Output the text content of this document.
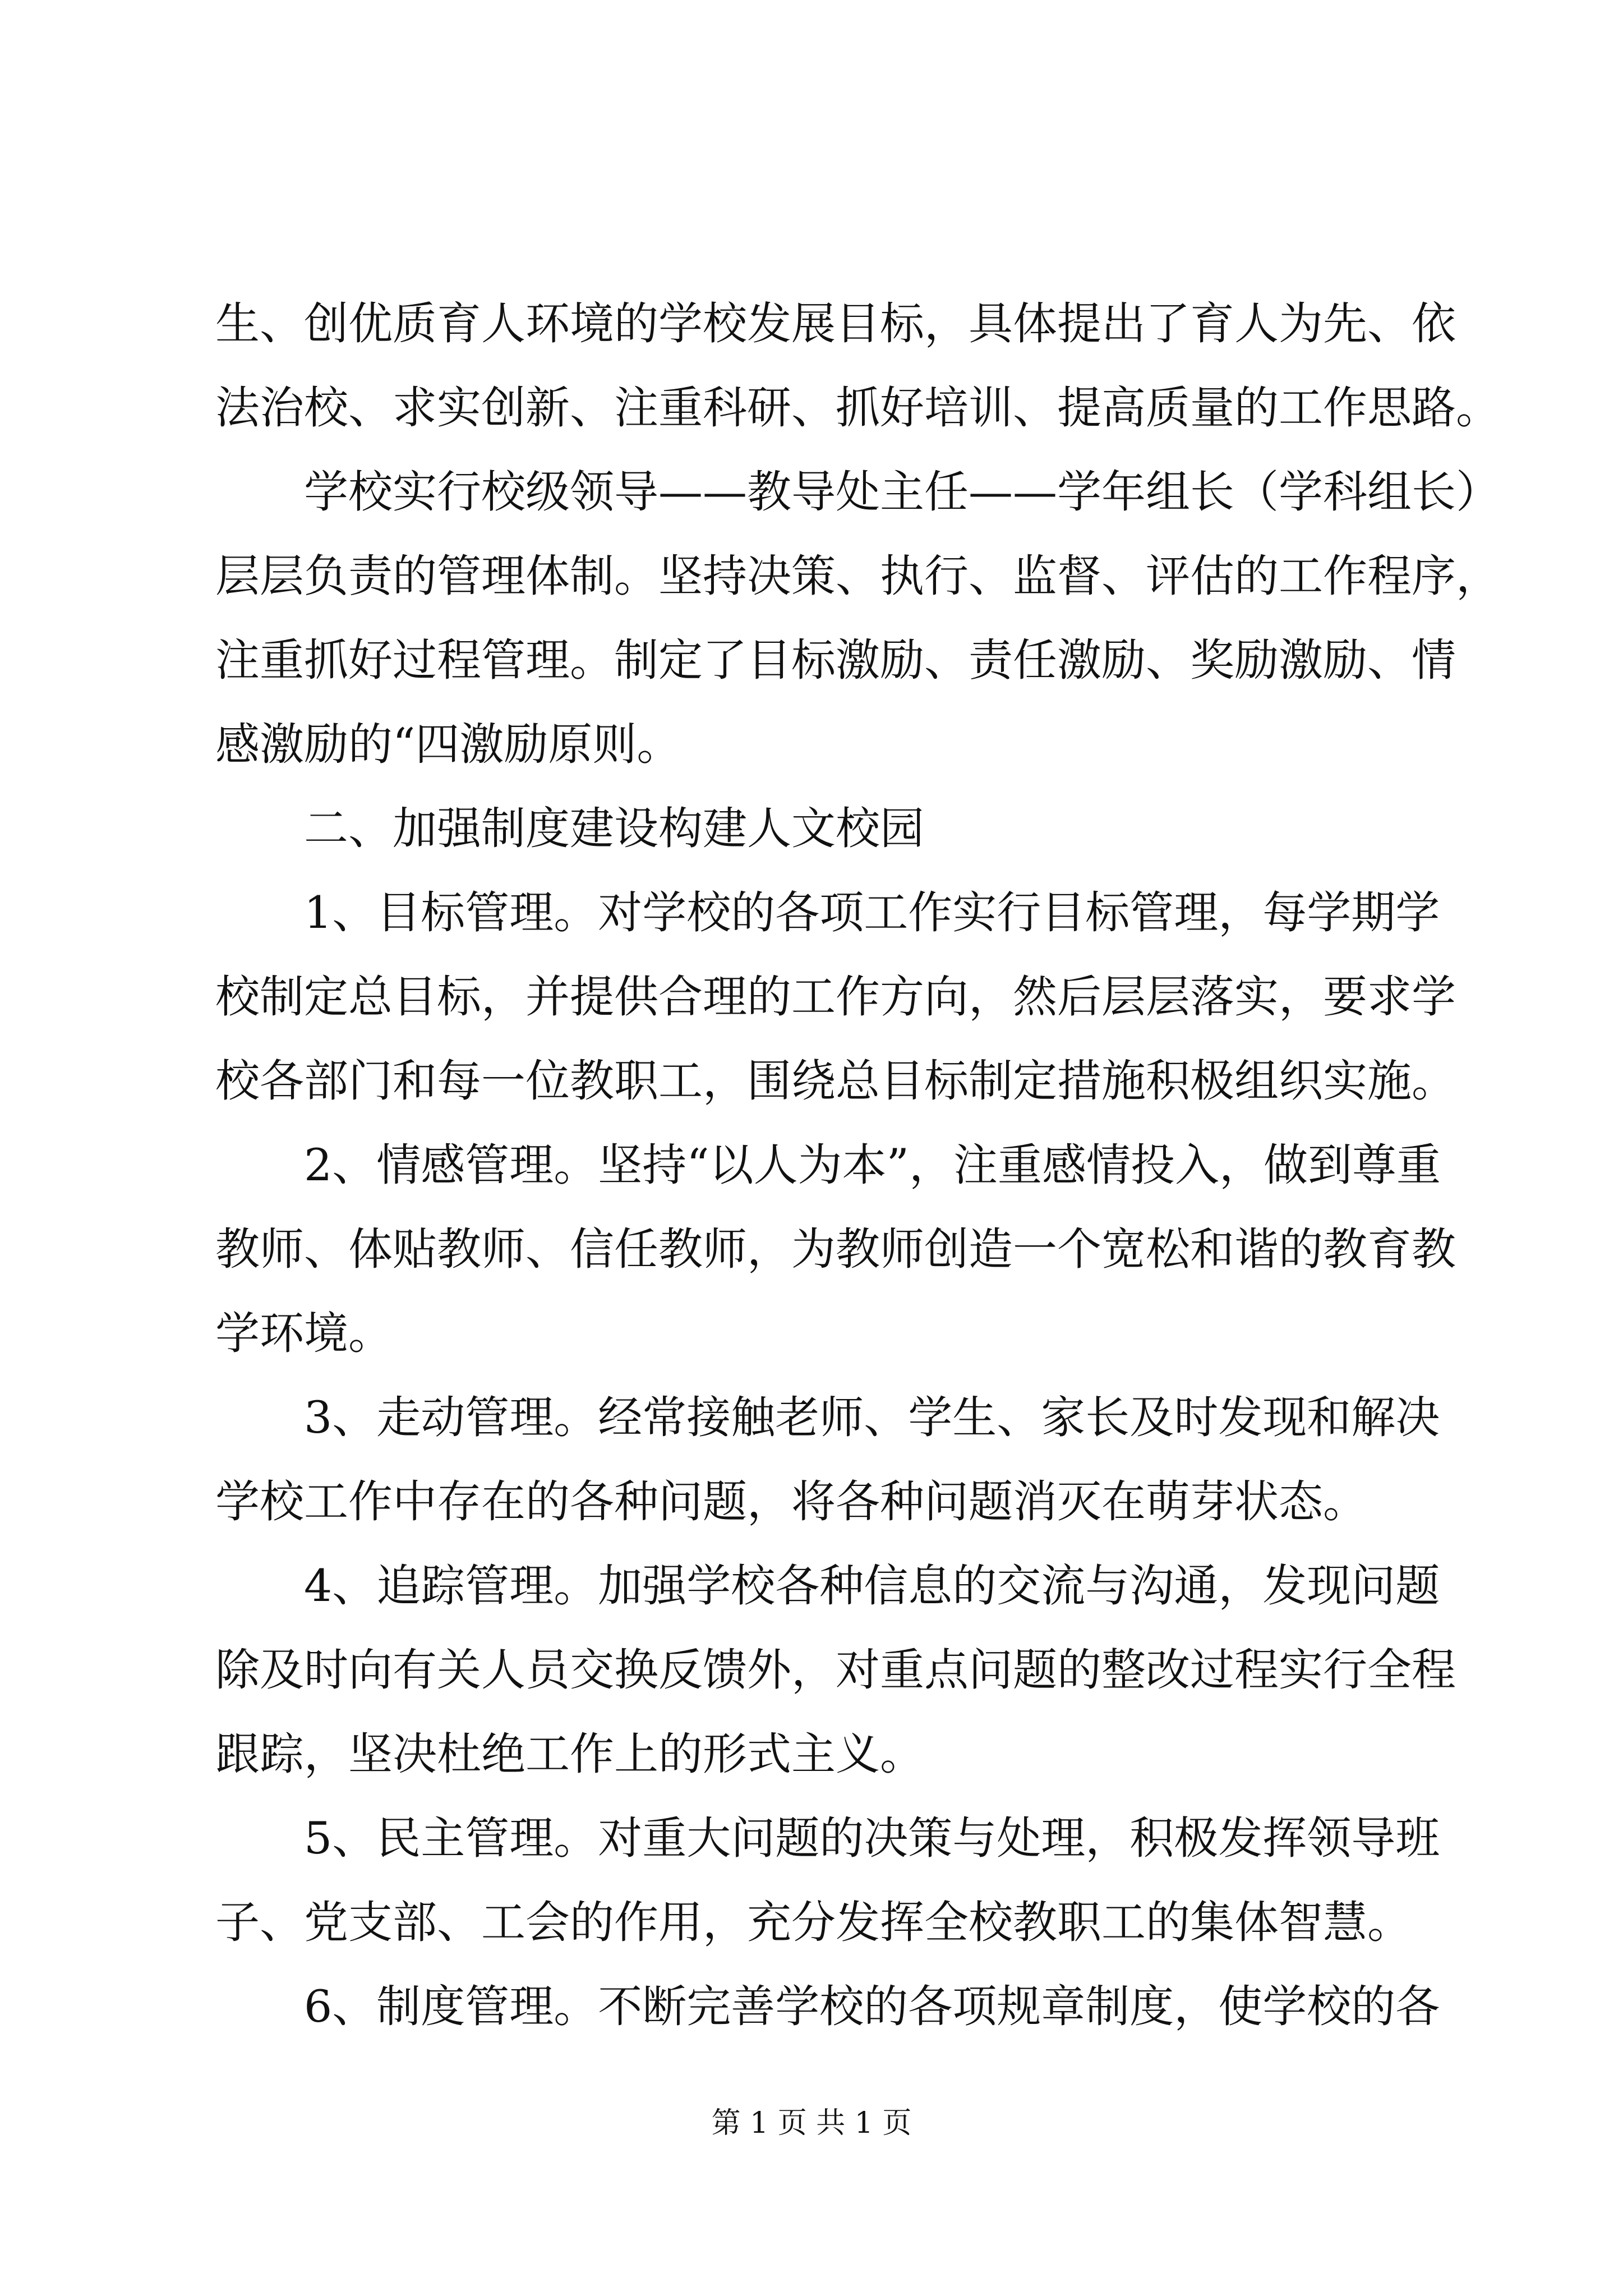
生、创优质育人环境的学校发展目标，具体提出了育人为先、依
法治校、求实创新、注重科研、抓好培训、提高质量的工作思路。
学校实行校级领导——教导处主任——学年组长（学科组长）
层层负责的管理体制。坚持决策、执行、监督、评估的工作程序，
注重抓好过程管理。制定了目标激励、责任激励、奖励激励、情
感激励的“四激励原则。
二、加强制度建设构建人文校园
1、目标管理。对学校的各项工作实行目标管理，每学期学
校制定总目标，并提供合理的工作方向，然后层层落实，要求学
校各部门和每一位教职工，围绕总目标制定措施积极组织实施。
2、情感管理。坚持“以人为本”，注重感情投入，做到尊重
教师、体贴教师、信任教师，为教师创造一个宽松和谐的教育教
学环境。
3、走动管理。经常接触老师、学生、家长及时发现和解决
学校工作中存在的各种问题，将各种问题消灭在萌芽状态。
4、追踪管理。加强学校各种信息的交流与沟通，发现问题
除及时向有关人员交换反馈外，对重点问题的整改过程实行全程
跟踪，坚决杜绝工作上的形式主义。
5、民主管理。对重大问题的决策与处理，积极发挥领导班
子、党支部、工会的作用，充分发挥全校教职工的集体智慧。
6、制度管理。不断完善学校的各项规章制度，使学校的各
第 1 页 共 1 页
